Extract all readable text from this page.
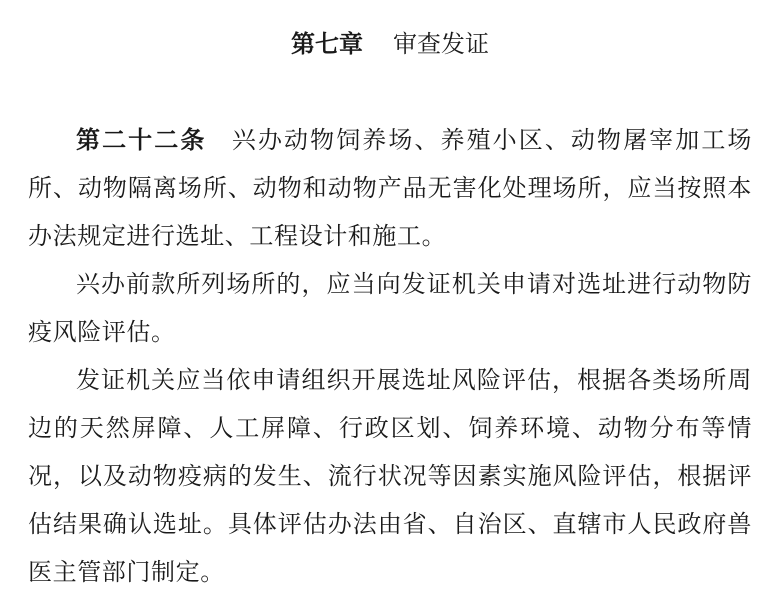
第七章 审查发证

第二十二条 兴办动物饲养场、养殖小区、动物屠宰加工场所、动物隔离场所、动物和动物产品无害化处理场所，应当按照本办法规定进行选址、工程设计和施工。

兴办前款所列场所的，应当向发证机关申请对选址进行动物防疫风险评估。

发证机关应当依申请组织开展选址风险评估，根据各类场所周边的天然屏障、人工屏障、行政区划、饲养环境、动物分布等情况，以及动物疫病的发生、流行状况等因素实施风险评估，根据评估结果确认选址。具体评估办法由省、自治区、直辖市人民政府兽医主管部门制定。
